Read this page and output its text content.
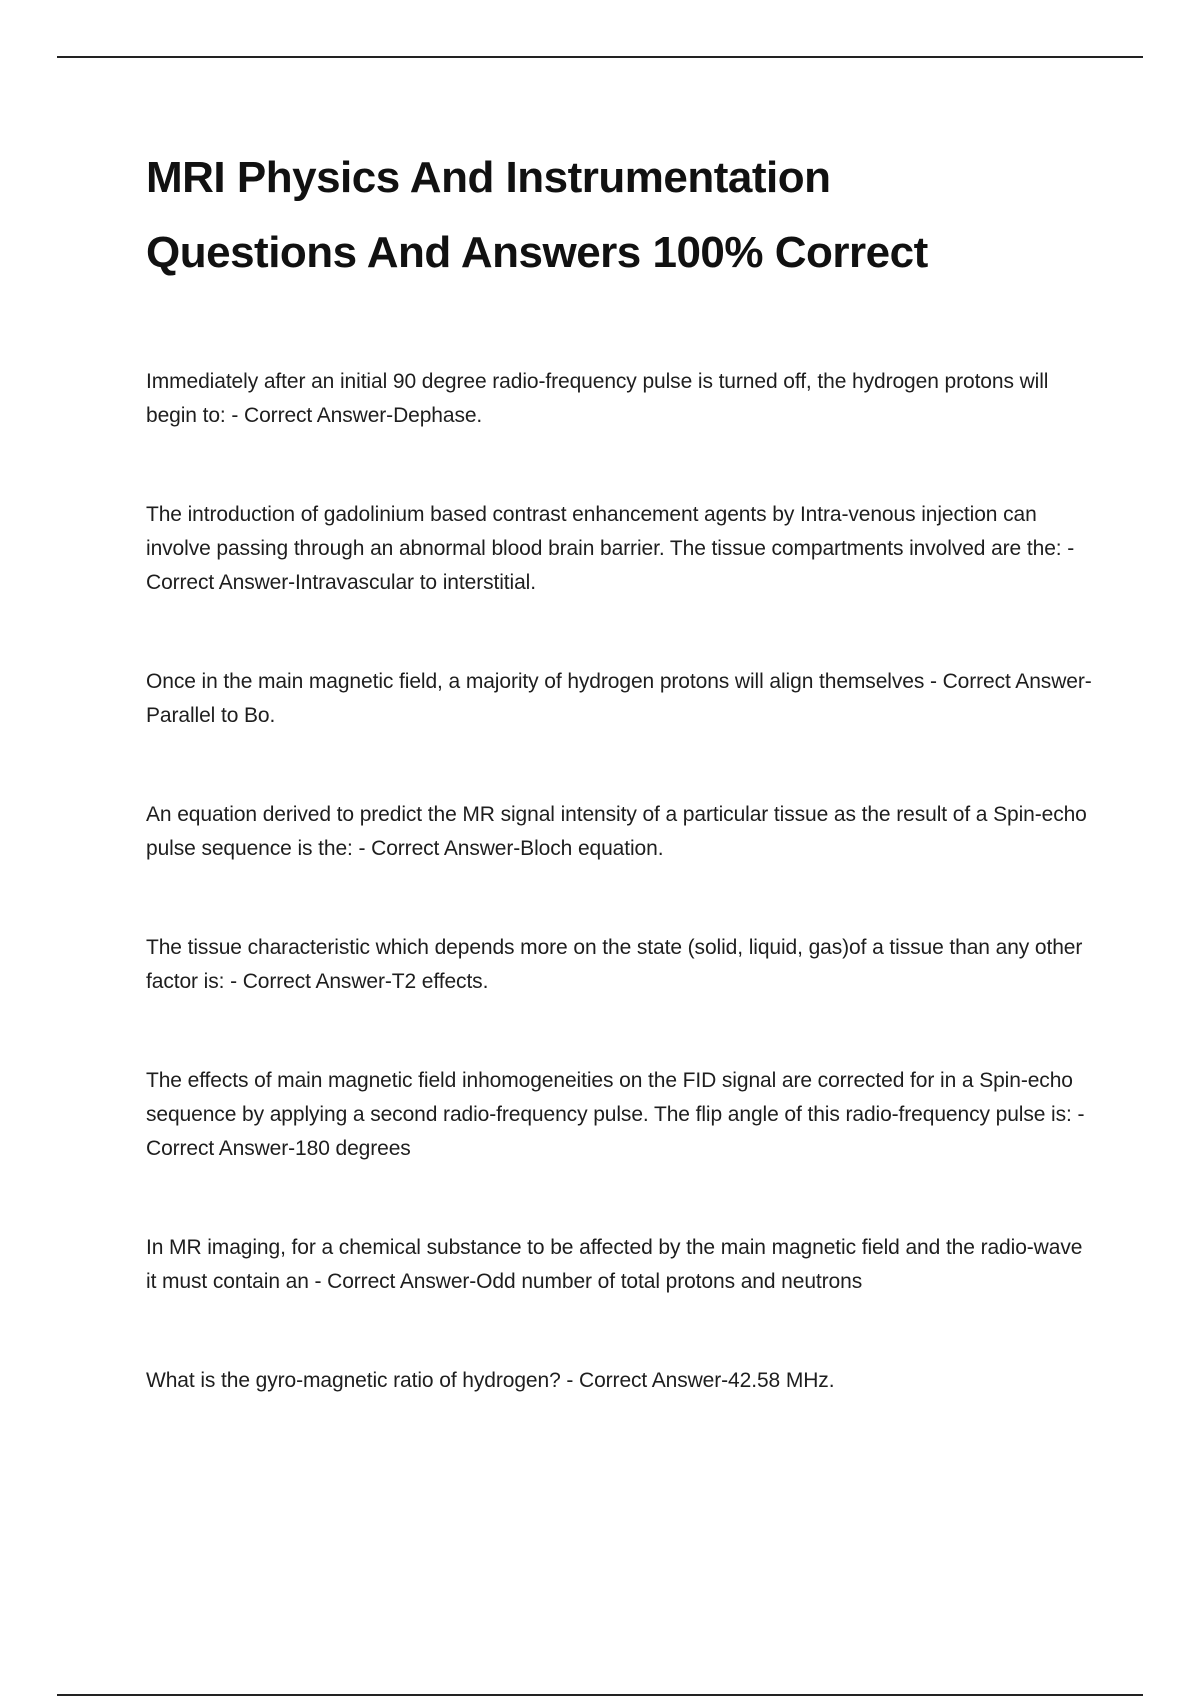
MRI Physics And Instrumentation
Questions And Answers 100% Correct

Immediately after an initial 90 degree radio-frequency pulse is turned off, the hydrogen protons will begin to: - Correct Answer-Dephase.

The introduction of gadolinium based contrast enhancement agents by Intra-venous injection can involve passing through an abnormal blood brain barrier. The tissue compartments involved are the: - Correct Answer-Intravascular to interstitial.

Once in the main magnetic field, a majority of hydrogen protons will align themselves - Correct Answer-Parallel to Bo.

An equation derived to predict the MR signal intensity of a particular tissue as the result of a Spin-echo pulse sequence is the: - Correct Answer-Bloch equation.

The tissue characteristic which depends more on the state (solid, liquid, gas)of a tissue than any other factor is: - Correct Answer-T2 effects.

The effects of main magnetic field inhomogeneities on the FID signal are corrected for in a Spin-echo sequence by applying a second radio-frequency pulse. The flip angle of this radio-frequency pulse is: - Correct Answer-180 degrees

In MR imaging, for a chemical substance to be affected by the main magnetic field and the radio-wave it must contain an - Correct Answer-Odd number of total protons and neutrons

What is the gyro-magnetic ratio of hydrogen? - Correct Answer-42.58 MHz.
